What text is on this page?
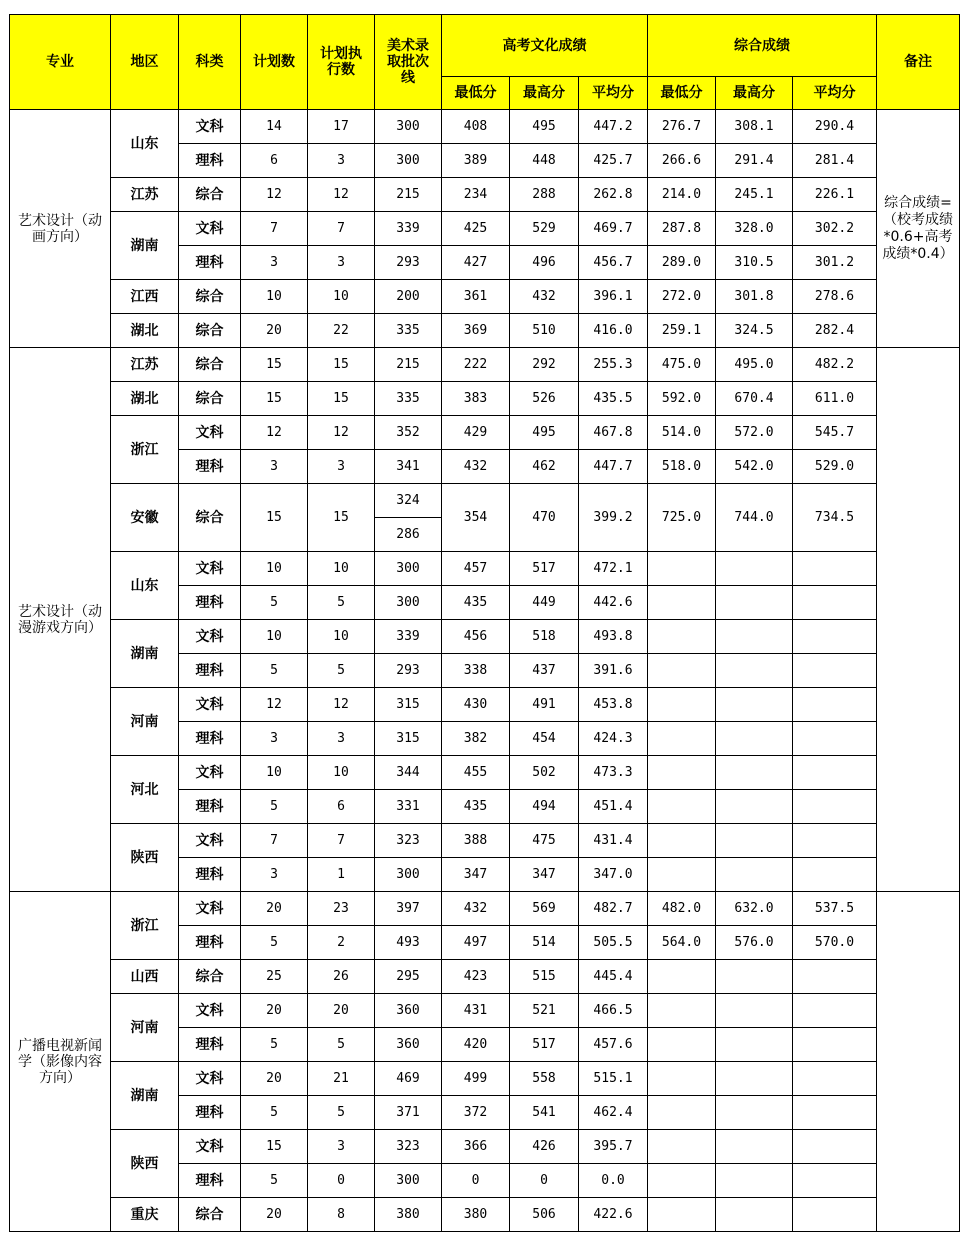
专业	地区	科类	计划数	计划执行数	美术录取批次线	高考文化成绩			综合成绩			备注
						最低分	最高分	平均分	最低分	最高分	平均分	
艺术设计（动画方向）	山东	文科	14	17	300	408	495	447.2	276.7	308.1	290.4	综合成绩=（校考成绩*0.6+高考成绩*0.4）
		理科	6	3	300	389	448	425.7	266.6	291.4	281.4	
	江苏	综合	12	12	215	234	288	262.8	214.0	245.1	226.1	
	湖南	文科	7	7	339	425	529	469.7	287.8	328.0	302.2	
		理科	3	3	293	427	496	456.7	289.0	310.5	301.2	
	江西	综合	10	10	200	361	432	396.1	272.0	301.8	278.6	
	湖北	综合	20	22	335	369	510	416.0	259.1	324.5	282.4	
艺术设计（动漫游戏方向）	江苏	综合	15	15	215	222	292	255.3	475.0	495.0	482.2	
	湖北	综合	15	15	335	383	526	435.5	592.0	670.4	611.0	
	浙江	文科	12	12	352	429	495	467.8	514.0	572.0	545.7	
		理科	3	3	341	432	462	447.7	518.0	542.0	529.0	
	安徽	综合	15	15	324	354	470	399.2	725.0	744.0	734.5	
					286							
	山东	文科	10	10	300	457	517	472.1				
		理科	5	5	300	435	449	442.6				
	湖南	文科	10	10	339	456	518	493.8				
		理科	5	5	293	338	437	391.6				
	河南	文科	12	12	315	430	491	453.8				
		理科	3	3	315	382	454	424.3				
	河北	文科	10	10	344	455	502	473.3				
		理科	5	6	331	435	494	451.4				
	陕西	文科	7	7	323	388	475	431.4				
		理科	3	1	300	347	347	347.0				
广播电视新闻学（影像内容方向）	浙江	文科	20	23	397	432	569	482.7	482.0	632.0	537.5	
		理科	5	2	493	497	514	505.5	564.0	576.0	570.0	
	山西	综合	25	26	295	423	515	445.4				
	河南	文科	20	20	360	431	521	466.5				
		理科	5	5	360	420	517	457.6				
	湖南	文科	20	21	469	499	558	515.1				
		理科	5	5	371	372	541	462.4				
	陕西	文科	15	3	323	366	426	395.7				
		理科	5	0	300	0	0	0.0				
	重庆	综合	20	8	380	380	506	422.6				
